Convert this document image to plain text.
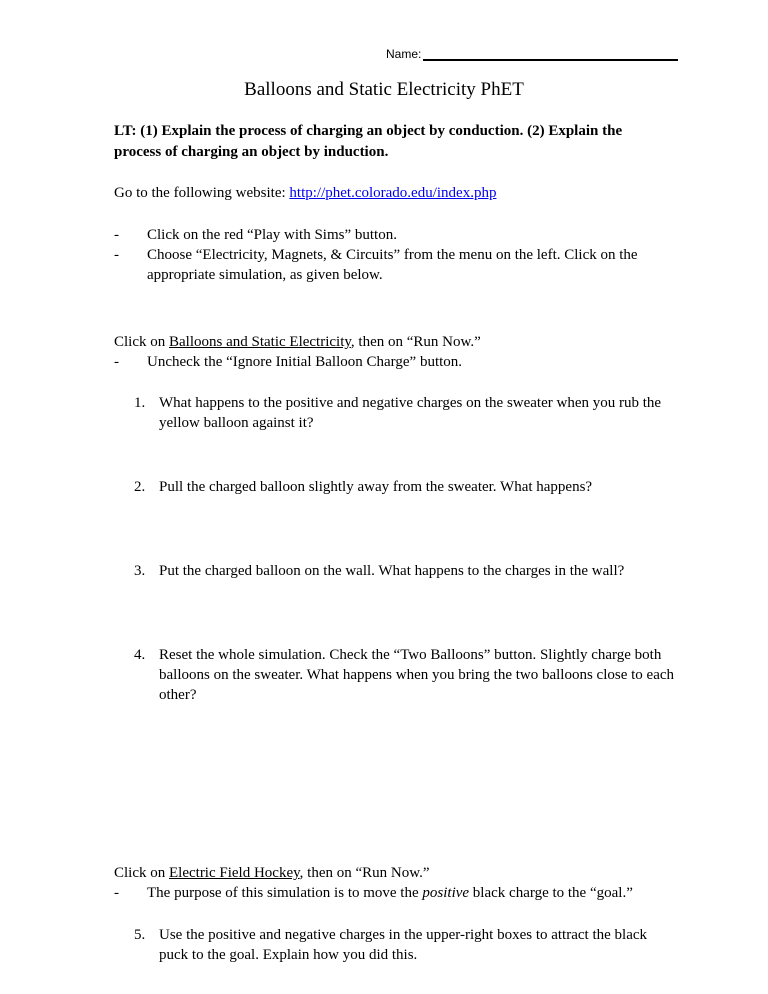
Name:
Balloons and Static Electricity PhET
LT: (1) Explain the process of charging an object by conduction. (2) Explain the process of charging an object by induction.
Go to the following website: http://phet.colorado.edu/index.php
- Click on the red “Play with Sims” button.
- Choose “Electricity, Magnets, & Circuits” from the menu on the left. Click on the appropriate simulation, as given below.
Click on Balloons and Static Electricity, then on “Run Now.”
- Uncheck the “Ignore Initial Balloon Charge” button.
1. What happens to the positive and negative charges on the sweater when you rub the yellow balloon against it?
2. Pull the charged balloon slightly away from the sweater. What happens?
3. Put the charged balloon on the wall. What happens to the charges in the wall?
4. Reset the whole simulation. Check the “Two Balloons” button. Slightly charge both balloons on the sweater. What happens when you bring the two balloons close to each other?
Click on Electric Field Hockey, then on “Run Now.”
- The purpose of this simulation is to move the positive black charge to the “goal.”
5. Use the positive and negative charges in the upper-right boxes to attract the black puck to the goal. Explain how you did this.
